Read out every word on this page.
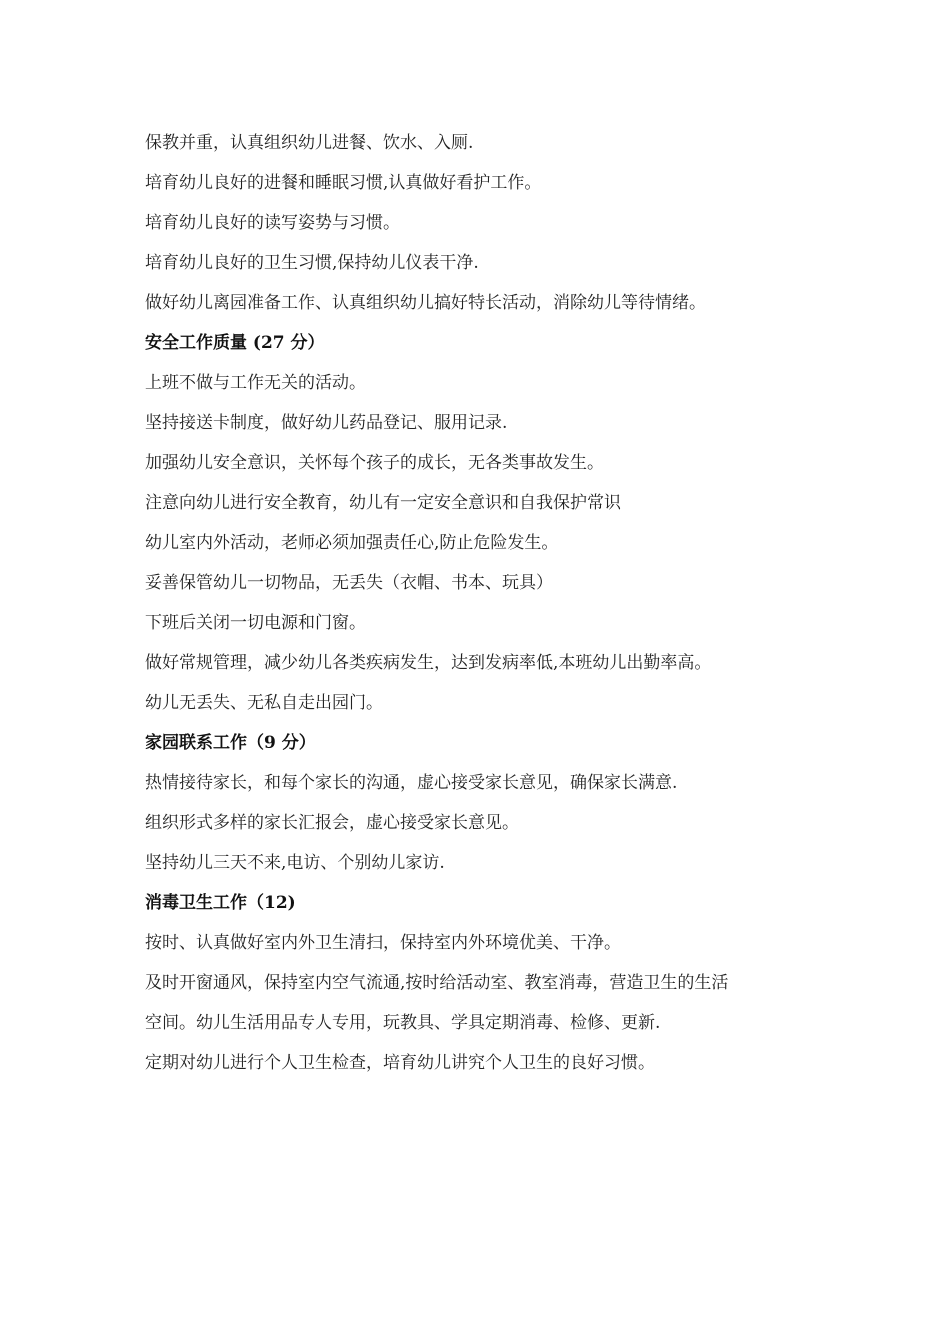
保教并重，认真组织幼儿进餐、饮水、入厕.
培育幼儿良好的进餐和睡眠习惯,认真做好看护工作。
培育幼儿良好的读写姿势与习惯。
培育幼儿良好的卫生习惯,保持幼儿仪表干净.
做好幼儿离园准备工作、认真组织幼儿搞好特长活动，消除幼儿等待情绪。
安全工作质量 (27 分）
上班不做与工作无关的活动。
坚持接送卡制度，做好幼儿药品登记、服用记录.
加强幼儿安全意识，关怀每个孩子的成长，无各类事故发生。
注意向幼儿进行安全教育，幼儿有一定安全意识和自我保护常识
幼儿室内外活动，老师必须加强责任心,防止危险发生。
妥善保管幼儿一切物品，无丢失（衣帽、书本、玩具）
下班后关闭一切电源和门窗。
做好常规管理，减少幼儿各类疾病发生，达到发病率低,本班幼儿出勤率高。
幼儿无丢失、无私自走出园门。
家园联系工作（9 分）
热情接待家长，和每个家长的沟通，虚心接受家长意见，确保家长满意.
组织形式多样的家长汇报会，虚心接受家长意见。
坚持幼儿三天不来,电访、个别幼儿家访.
消毒卫生工作（12)
按时、认真做好室内外卫生清扫，保持室内外环境优美、干净。
及时开窗通风，保持室内空气流通,按时给活动室、教室消毒，营造卫生的生活
空间。幼儿生活用品专人专用，玩教具、学具定期消毒、检修、更新.
定期对幼儿进行个人卫生检查，培育幼儿讲究个人卫生的良好习惯。
